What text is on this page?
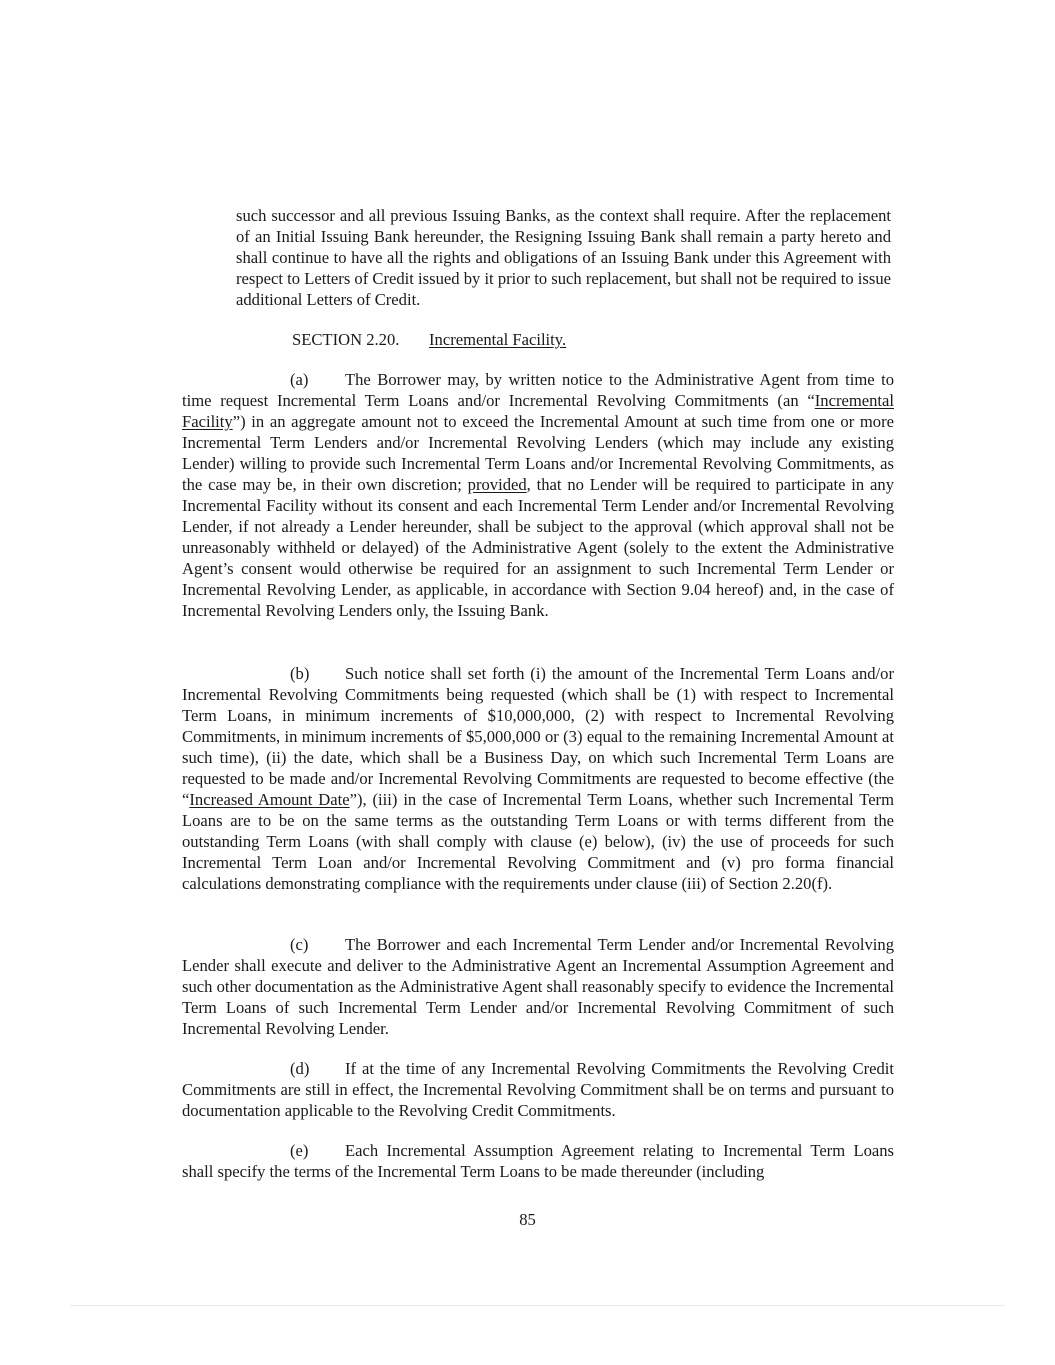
such successor and all previous Issuing Banks, as the context shall require. After the replacement of an Initial Issuing Bank hereunder, the Resigning Issuing Bank shall remain a party hereto and shall continue to have all the rights and obligations of an Issuing Bank under this Agreement with respect to Letters of Credit issued by it prior to such replacement, but shall not be required to issue additional Letters of Credit.

SECTION 2.20. Incremental Facility.

(a) The Borrower may, by written notice to the Administrative Agent from time to time request Incremental Term Loans and/or Incremental Revolving Commitments (an “Incremental Facility”) in an aggregate amount not to exceed the Incremental Amount at such time from one or more Incremental Term Lenders and/or Incremental Revolving Lenders (which may include any existing Lender) willing to provide such Incremental Term Loans and/or Incremental Revolving Commitments, as the case may be, in their own discretion; provided, that no Lender will be required to participate in any Incremental Facility without its consent and each Incremental Term Lender and/or Incremental Revolving Lender, if not already a Lender hereunder, shall be subject to the approval (which approval shall not be unreasonably withheld or delayed) of the Administrative Agent (solely to the extent the Administrative Agent’s consent would otherwise be required for an assignment to such Incremental Term Lender or Incremental Revolving Lender, as applicable, in accordance with Section 9.04 hereof) and, in the case of Incremental Revolving Lenders only, the Issuing Bank.

(b) Such notice shall set forth (i) the amount of the Incremental Term Loans and/or Incremental Revolving Commitments being requested (which shall be (1) with respect to Incremental Term Loans, in minimum increments of $10,000,000, (2) with respect to Incremental Revolving Commitments, in minimum increments of $5,000,000 or (3) equal to the remaining Incremental Amount at such time), (ii) the date, which shall be a Business Day, on which such Incremental Term Loans are requested to be made and/or Incremental Revolving Commitments are requested to become effective (the “Increased Amount Date”), (iii) in the case of Incremental Term Loans, whether such Incremental Term Loans are to be on the same terms as the outstanding Term Loans or with terms different from the outstanding Term Loans (with shall comply with clause (e) below), (iv) the use of proceeds for such Incremental Term Loan and/or Incremental Revolving Commitment and (v) pro forma financial calculations demonstrating compliance with the requirements under clause (iii) of Section 2.20(f).

(c) The Borrower and each Incremental Term Lender and/or Incremental Revolving Lender shall execute and deliver to the Administrative Agent an Incremental Assumption Agreement and such other documentation as the Administrative Agent shall reasonably specify to evidence the Incremental Term Loans of such Incremental Term Lender and/or Incremental Revolving Commitment of such Incremental Revolving Lender.

(d) If at the time of any Incremental Revolving Commitments the Revolving Credit Commitments are still in effect, the Incremental Revolving Commitment shall be on terms and pursuant to documentation applicable to the Revolving Credit Commitments.

(e) Each Incremental Assumption Agreement relating to Incremental Term Loans shall specify the terms of the Incremental Term Loans to be made thereunder (including

85
